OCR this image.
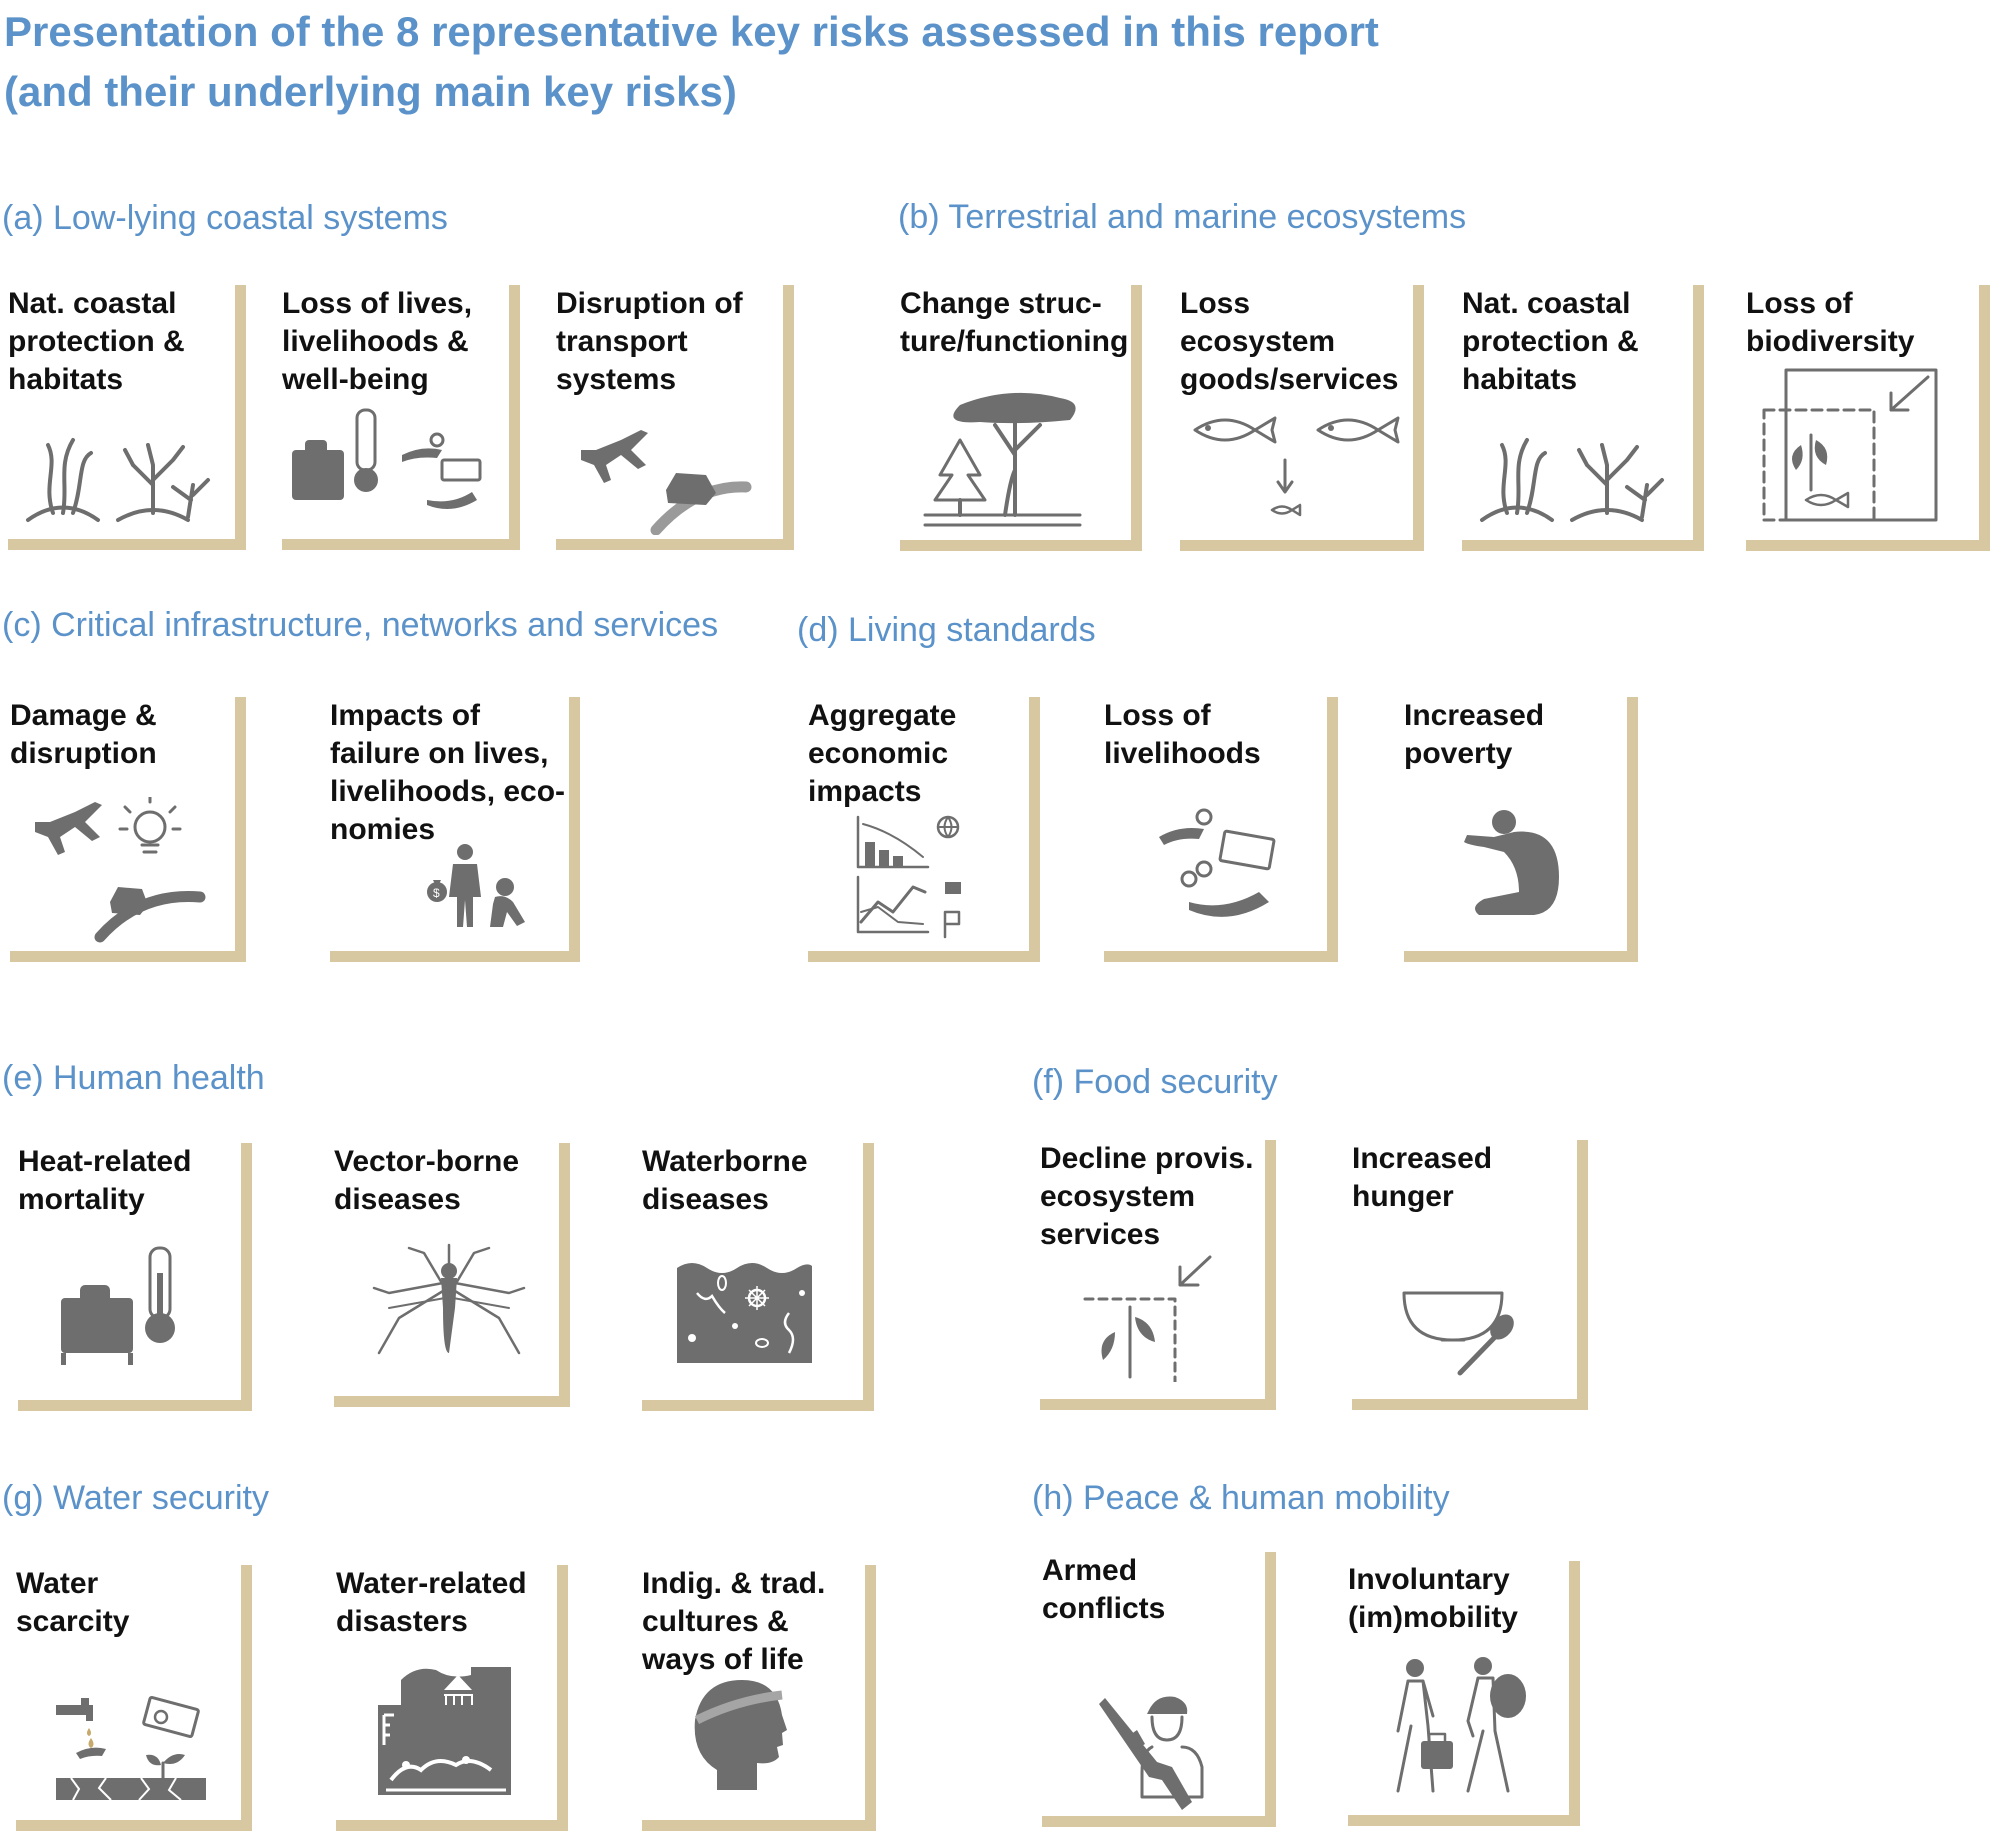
Presentation of the 8 representative key risks assessed in this report
(and their underlying main key risks)
(a) Low-lying coastal systems
Nat. coastal
protection &
habitats
Loss of lives,
livelihoods &
well-being
Disruption of
transport
systems
(b) Terrestrial and marine ecosystems
Change struc-
ture/functioning
Loss
ecosystem
goods/services
Nat. coastal
protection &
habitats
Loss of
biodiversity
(c) Critical infrastructure, networks and services
Damage &
disruption
Impacts of
failure on lives,
livelihoods, eco-
nomies
$
(d) Living standards
Aggregate
economic
impacts
Loss of
livelihoods
Increased
poverty
(e) Human health
Heat-related
mortality
Vector-borne
diseases
Waterborne
diseases
(f) Food security
Decline provis.
ecosystem
services
Increased
hunger
(g) Water security
Water
scarcity
Water-related
disasters
Indig. & trad.
cultures &
ways of life
(h) Peace & human mobility
Armed
conflicts
Involuntary
(im)mobility
